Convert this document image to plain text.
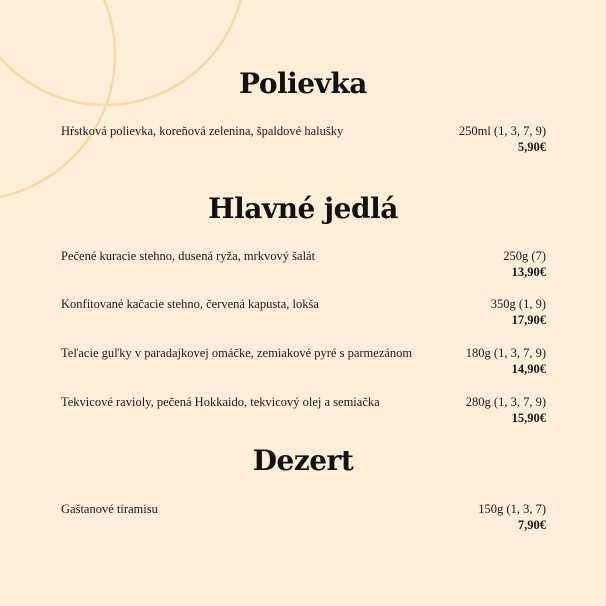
Polievka
Hŕstková polievka, koreňová zelenina, špaldové halušky	250ml (1, 3, 7, 9)
5,90€
Hlavné jedlá
Pečené kuracie stehno, dusená ryža, mrkvový šalát	250g (7)
13,90€
Konfitované kačacie stehno, červená kapusta, lokša	350g (1, 9)
17,90€
Teľacie guľky v paradajkovej omáčke, zemiakové pyré s parmezánom	180g (1, 3, 7, 9)
14,90€
Tekvicové ravioly, pečená Hokkaido, tekvicový olej a semiačka	280g (1, 3, 7, 9)
15,90€
Dezert
Gaštanové tiramisu	150g (1, 3, 7)
7,90€
